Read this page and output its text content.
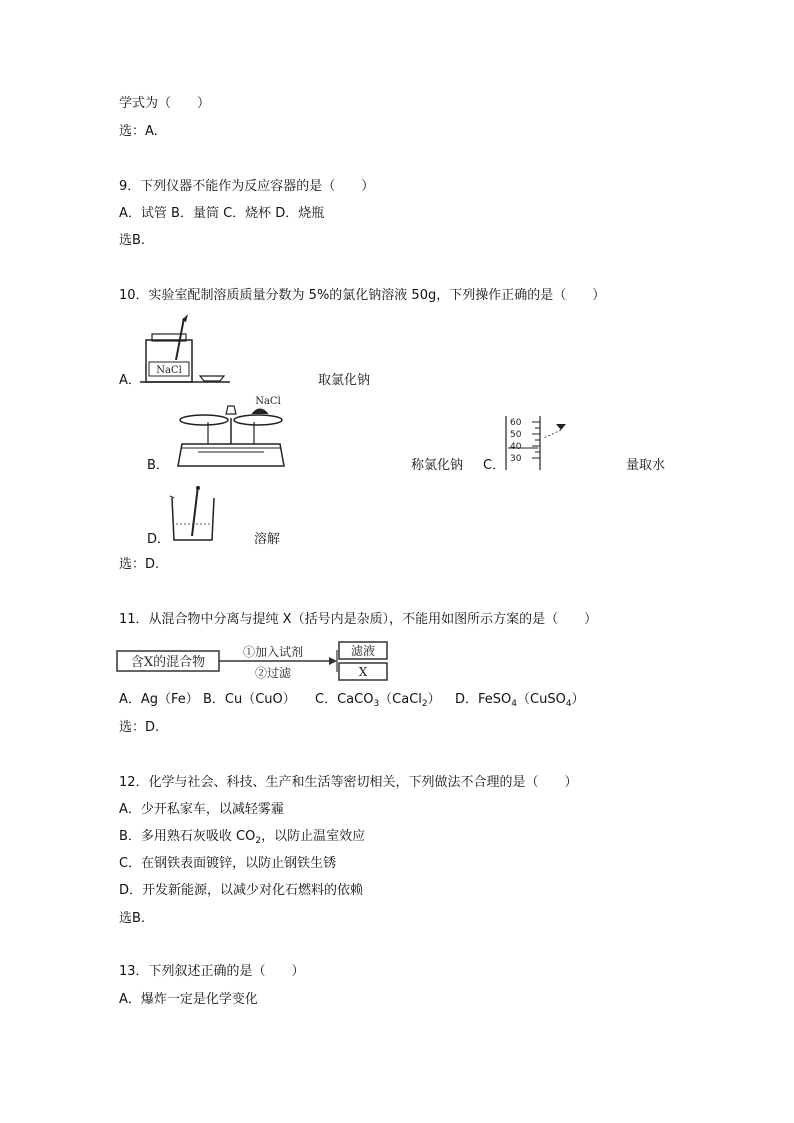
学式为（　　）
选：A.
9．下列仪器不能作为反应容器的是（　　）
A．试管 B．量筒 C．烧杯 D．烧瓶
选B.
10．实验室配制溶质质量分数为 5%的氯化钠溶液 50g，下列操作正确的是（　　）
A．
NaCl
取氯化钠
B．
NaCl
称氯化钠 C．
60
50
40
30	量取水
D．	溶解
选：D.
11．从混合物中分离与提纯 X（括号内是杂质），不能用如图所示方案的是（　　）
含X的混合物
①加入试剂
②过滤
滤液
X
A．Ag（Fe） B．Cu（CuO） C．CaCO$_3$（CaCl$_2$） D．FeSO$_4$（CuSO$_4$）
选：D.
12．化学与社会、科技、生产和生活等密切相关，下列做法不合理的是（　　）
A．少开私家车，以减轻雾霾
B．多用熟石灰吸收 $CO_2$，以防止温室效应
C．在钢铁表面镀锌，以防止钢铁生锈
D．开发新能源，以减少对化石燃料的依赖
选B.
13．下列叙述正确的是（　　）
A．爆炸一定是化学变化
